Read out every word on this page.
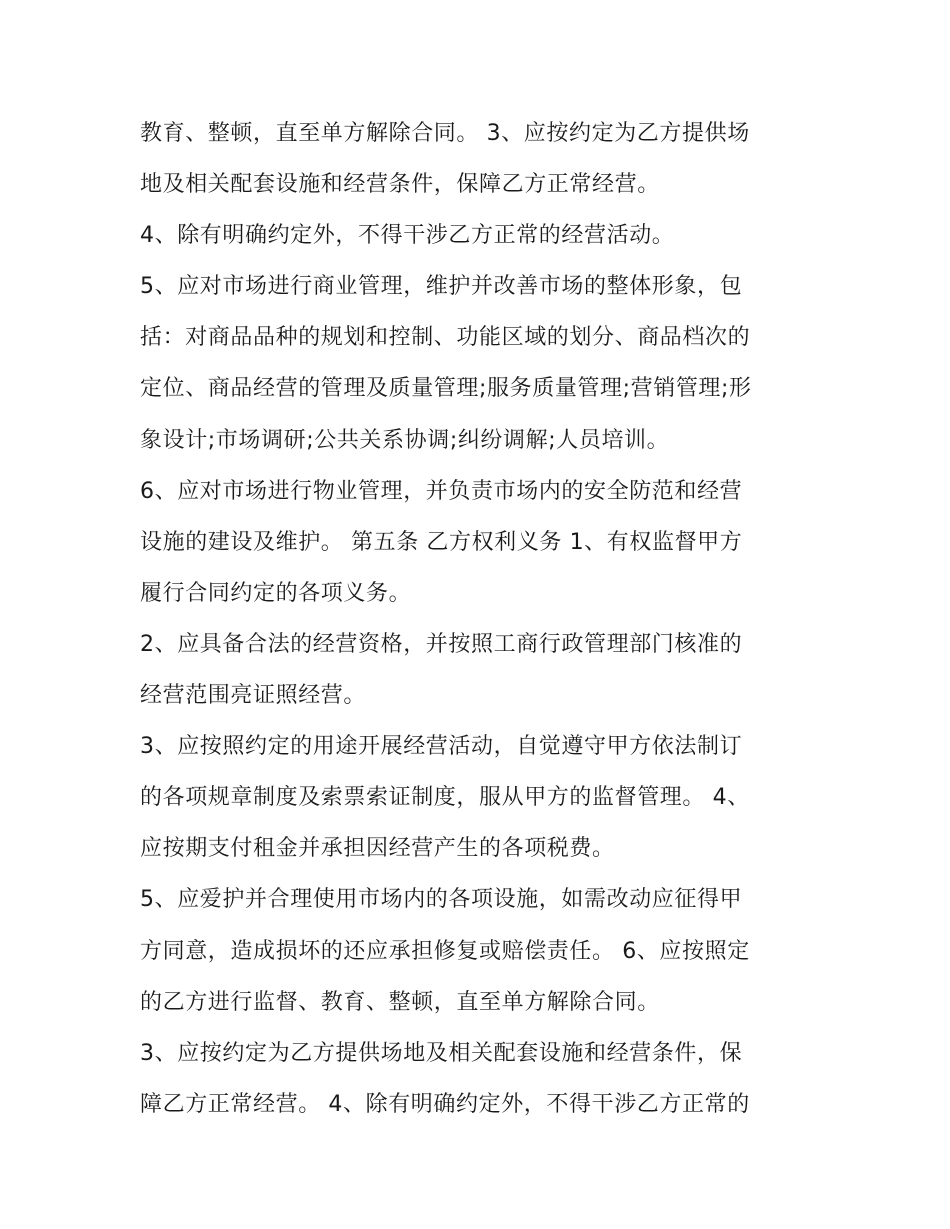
教育、整顿，直至单方解除合同。 3、应按约定为乙方提供场
地及相关配套设施和经营条件，保障乙方正常经营。
4、除有明确约定外，不得干涉乙方正常的经营活动。
5、应对市场进行商业管理，维护并改善市场的整体形象，包
括：对商品品种的规划和控制、功能区域的划分、商品档次的
定位、商品经营的管理及质量管理;服务质量管理;营销管理;形
象设计;市场调研;公共关系协调;纠纷调解;人员培训。
6、应对市场进行物业管理，并负责市场内的安全防范和经营
设施的建设及维护。 第五条 乙方权利义务 1、有权监督甲方
履行合同约定的各项义务。
2、应具备合法的经营资格，并按照工商行政管理部门核准的
经营范围亮证照经营。
3、应按照约定的用途开展经营活动，自觉遵守甲方依法制订
的各项规章制度及索票索证制度，服从甲方的监督管理。 4、
应按期支付租金并承担因经营产生的各项税费。
5、应爱护并合理使用市场内的各项设施，如需改动应征得甲
方同意，造成损坏的还应承担修复或赔偿责任。 6、应按照定
的乙方进行监督、教育、整顿，直至单方解除合同。
3、应按约定为乙方提供场地及相关配套设施和经营条件，保
障乙方正常经营。 4、除有明确约定外，不得干涉乙方正常的
